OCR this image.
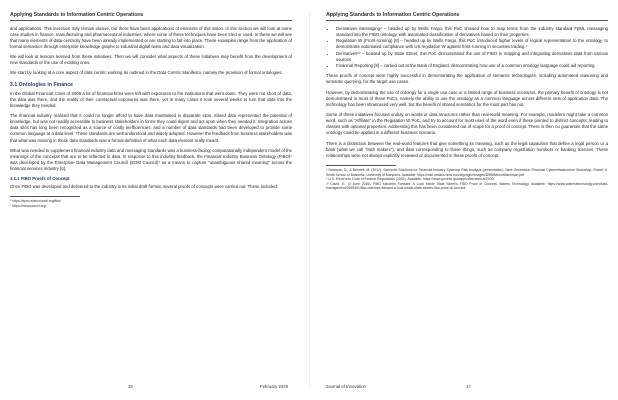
Applying Standards to Information Centric Operations

and applications. This inversion may remain elusive, but there have been applications of elements of this vision. In this section we will look at some case studies in finance, manufacturing and pharmaceutical industries, where some of these techniques have been tried or used. In these we will see that many elements of data-centricity have been already implemented or are starting to fall into place. These examples range from the application of formal semantics through enterprise knowledge graphs to industrial digital twins and data visualization.

We will look at lessons learned from these initiatives. Then we will consider what aspects of these initiatives may benefit from the development of new standards or the use of existing ones.

We start by looking at a core aspect of data centric working as outlined in the Data Centric Manifesto, namely the provision of formal ontologies.

3.1 Ontologies in Finance

In the Global Financial Crisis of 2008 a lot of financial firms were left with exposures to the institutions that went down. They were not short of data; the data was there, and the reality of their contractual exposures was there, yet in many cases it took several weeks to turn that data into the knowledge they needed.

The financial industry realized that it could no longer afford to have data maintained in disparate silos. Siloed data represented the potential of knowledge, but was not readily accessible to business stakeholders in forms they could digest and act upon when they needed it. Integration across data silos has long been recognized as a source of costly inefficiencies, and a number of data standards had been developed to provide some common language at a data level. These standards are well understood and widely adopted. However the feedback from business stakeholders was that what was missing in these data standards was a formal definition of what each data element really meant.

What was needed to supplement financial industry data and messaging standards was a business-facing, computationally independent model of the meanings of the concepts that are to be reflected in data. In response to this industry feedback, the Financial Industry Business Ontology (FIBO)⁶ was developed by the Enterprise Data Management Council (EDM Council)⁷ as a means to capture “unambiguous shared meaning” across the financial services industry [6].

3.1.1 FIBO Proofs of Concept

Once FIBO was developed and delivered to the industry in its initial draft format, several proofs of concepts were carried out. These included:

⁶ https://spec.edmcouncil.org/fibo/

⁷ https://edmcouncil.org/

16	February 2025
Applying Standards to Information Centric Operations
• Derivatives Messaging⁸ – headed up by Wells Fargo, this PoC showed how to map terms from the industry standard FpML messaging standard into the FIBO ontology, with automated classification of derivatives based on their properties.
• Regulation W (Front-running) [8] – headed up by Wells Fargo, this PoC introduced higher levels of logical representation to the ontology, to demonstrate automated compliance with US regulation W against front-running in securities trading.⁹
• Derivatives¹⁰ – headed up by State Street, this PoC demonstrated the use of FIBO in mapping and integrating derivatives data from various sources.
• Financial Reporting [9] – carried out at the Bank of England, demonstrating how use of a common ontology language could aid reporting.

These proofs of concept were highly successful in demonstrating the application of semantic technologies, including automated reasoning and semantic querying, for the target use cases.

However, by demonstrating the use of ontology for a single use case or a limited range of business scenarios, the primary benefit of ontology is not demonstrated in most of these PoCs, namely the ability to use the ontology as a common language across different sets of application data. The technology has been showcased very well, but the benefit of shared semantics for the most part has not.

Some of these initiatives focused unduly on words or data structures rather than real-world meaning. For example, modelers might take a common word, such as “Affiliate” in the Regulation W PoC, and try to account for most uses of the word even if these pointed to distinct concepts, leading to classes with optional properties. Addressing this has been considered out of scope for a proof of concept. There is then no guarantee that the same ontology could be applied in a different business scenario.

There is a distinction between the real-world features that give something its meaning, such as the legal capacities that define a legal person or a bank (what we call “truth makers”), and data corresponding to those things, such as company registration numbers or banking licenses. These relationships were not always explicitly reviewed or documented in these proofs of concept.

⁸ Newman, D., & Bennett, M. (2012). Semantic Solutions for Financial Industry Systemic Risk Analysis (presentation). Next Generation Financial Cyberinfrastructure Workshop, Robert H. Smith School of Business, University of Maryland. Available: https://wiki.umiacs.umd.edu/clip/ngfci/images/8/89/BennettNewman.pdf

⁹ U.S. Electronic Code of Federal Regulations (2002). Available: https://www.govinfo.gov/app/collection/cfr/2002/

¹⁰ David, E., (3 June 2016). FIBO Marches Forward: A Look Inside State Street’s FIBO Proof of Concept. Waters Technology. Available: https://www.waterstechnology.com/data-management/2459451/fibo-marches-forward-a-look-inside-state-streets-fibo-proof-of-concept

Journal of Innovation	17
